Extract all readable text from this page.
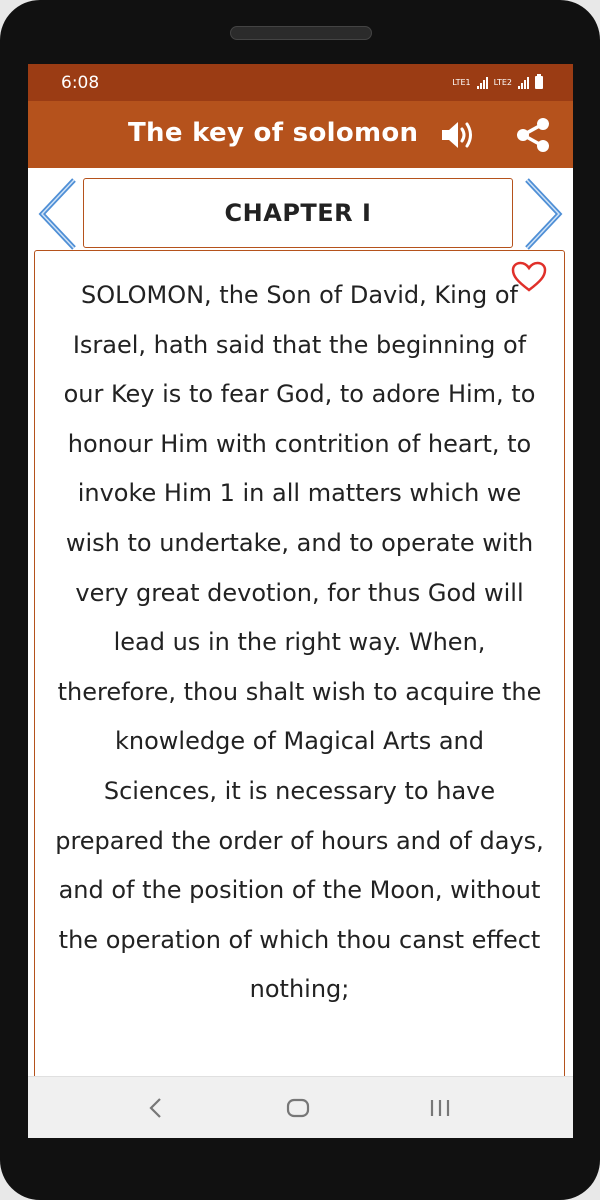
6:08	LTE1	LTE2
The key of solomon
CHAPTER I

SOLOMON, the Son of David, King of Israel, hath said that the beginning of our Key is to fear God, to adore Him, to honour Him with contrition of heart, to invoke Him 1 in all matters which we wish to undertake, and to operate with very great devotion, for thus God will lead us in the right way. When, therefore, thou shalt wish to acquire the knowledge of Magical Arts and Sciences, it is necessary to have prepared the order of hours and of days, and of the position of the Moon, without the operation of which thou canst effect nothing;
